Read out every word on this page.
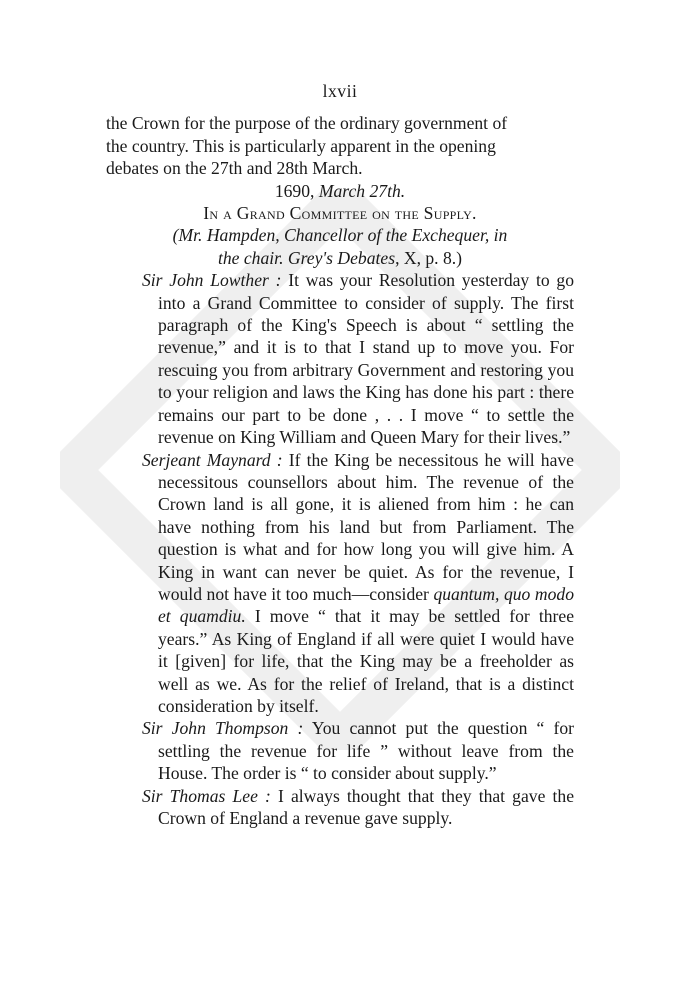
lxvii

the Crown for the purpose of the ordinary government of
the country. This is particularly apparent in the opening
debates on the 27th and 28th March.

1690, March 27th.

In a Grand Committee on the Supply.

(Mr. Hampden, Chancellor of the Exchequer, in

the chair. Grey's Debates, X, p. 8.)

Sir John Lowther : It was your Resolution yesterday to go into a Grand Committee to consider of supply. The first paragraph of the King's Speech is about “ settling the revenue,” and it is to that I stand up to move you. For rescuing you from arbitrary Government and restoring you to your religion and laws the King has done his part : there remains our part to be done , . . I move “ to settle the revenue on King William and Queen Mary for their lives.”

Serjeant Maynard : If the King be necessitous he will have necessitous counsellors about him. The revenue of the Crown land is all gone, it is aliened from him : he can have nothing from his land but from Parliament. The question is what and for how long you will give him. A King in want can never be quiet. As for the revenue, I would not have it too much—consider quantum, quo modo et quamdiu. I move “ that it may be settled for three years.” As King of England if all were quiet I would have it [given] for life, that the King may be a freeholder as well as we. As for the relief of Ireland, that is a distinct consideration by itself.

Sir John Thompson : You cannot put the question “ for settling the revenue for life ” without leave from the House. The order is “ to consider about supply.”

Sir Thomas Lee : I always thought that they that gave the Crown of England a revenue gave supply.
